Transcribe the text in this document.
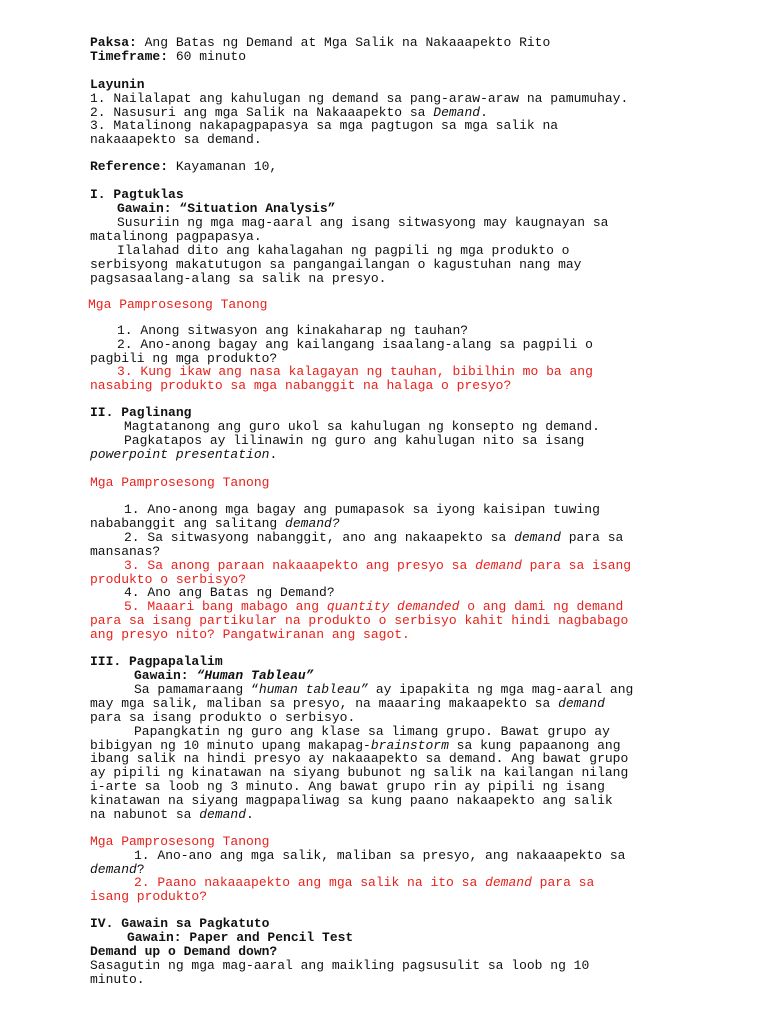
Paksa: Ang Batas ng Demand at Mga Salik na Nakaaapekto Rito
Timeframe: 60 minuto
Layunin
1. Nailalapat ang kahulugan ng demand sa pang-araw-araw na pamumuhay.
2. Nasusuri ang mga Salik na Nakaaapekto sa Demand.
3. Matalinong nakapagpapasya sa mga pagtugon sa mga salik na
nakaaapekto sa demand.
Reference: Kayamanan 10,
I. Pagtuklas
Gawain: “Situation Analysis”
Susuriin ng mga mag-aaral ang isang sitwasyong may kaugnayan sa
matalinong pagpapasya.
Ilalahad dito ang kahalagahan ng pagpili ng mga produkto o
serbisyong makatutugon sa pangangailangan o kagustuhan nang may
pagsasaalang-alang sa salik na presyo.
Mga Pamprosesong Tanong
1. Anong sitwasyon ang kinakaharap ng tauhan?
2. Ano-anong bagay ang kailangang isaalang-alang sa pagpili o
pagbili ng mga produkto?
3. Kung ikaw ang nasa kalagayan ng tauhan, bibilhin mo ba ang
nasabing produkto sa mga nabanggit na halaga o presyo?
II. Paglinang
Magtatanong ang guro ukol sa kahulugan ng konsepto ng demand.
Pagkatapos ay lilinawin ng guro ang kahulugan nito sa isang
powerpoint presentation.
Mga Pamprosesong Tanong
1. Ano-anong mga bagay ang pumapasok sa iyong kaisipan tuwing
nababanggit ang salitang demand?
2. Sa sitwasyong nabanggit, ano ang nakaapekto sa demand para sa
mansanas?
3. Sa anong paraan nakaaapekto ang presyo sa demand para sa isang
produkto o serbisyo?
4. Ano ang Batas ng Demand?
5. Maaari bang mabago ang quantity demanded o ang dami ng demand
para sa isang partikular na produkto o serbisyo kahit hindi nagbabago
ang presyo nito? Pangatwiranan ang sagot.
III. Pagpapalalim
Gawain: “Human Tableau”
Sa pamamaraang “human tableau” ay ipapakita ng mga mag-aaral ang
may mga salik, maliban sa presyo, na maaaring makaapekto sa demand
para sa isang produkto o serbisyo.
Papangkatin ng guro ang klase sa limang grupo. Bawat grupo ay
bibigyan ng 10 minuto upang makapag-brainstorm sa kung papaanong ang
ibang salik na hindi presyo ay nakaaapekto sa demand. Ang bawat grupo
ay pipili ng kinatawan na siyang bubunot ng salik na kailangan nilang
i-arte sa loob ng 3 minuto. Ang bawat grupo rin ay pipili ng isang
kinatawan na siyang magpapaliwag sa kung paano nakaapekto ang salik
na nabunot sa demand.
Mga Pamprosesong Tanong
1. Ano-ano ang mga salik, maliban sa presyo, ang nakaaapekto sa
demand?
2. Paano nakaaapekto ang mga salik na ito sa demand para sa
isang produkto?
IV. Gawain sa Pagkatuto
Gawain: Paper and Pencil Test
Demand up o Demand down?
Sasagutin ng mga mag-aaral ang maikling pagsusulit sa loob ng 10
minuto.
